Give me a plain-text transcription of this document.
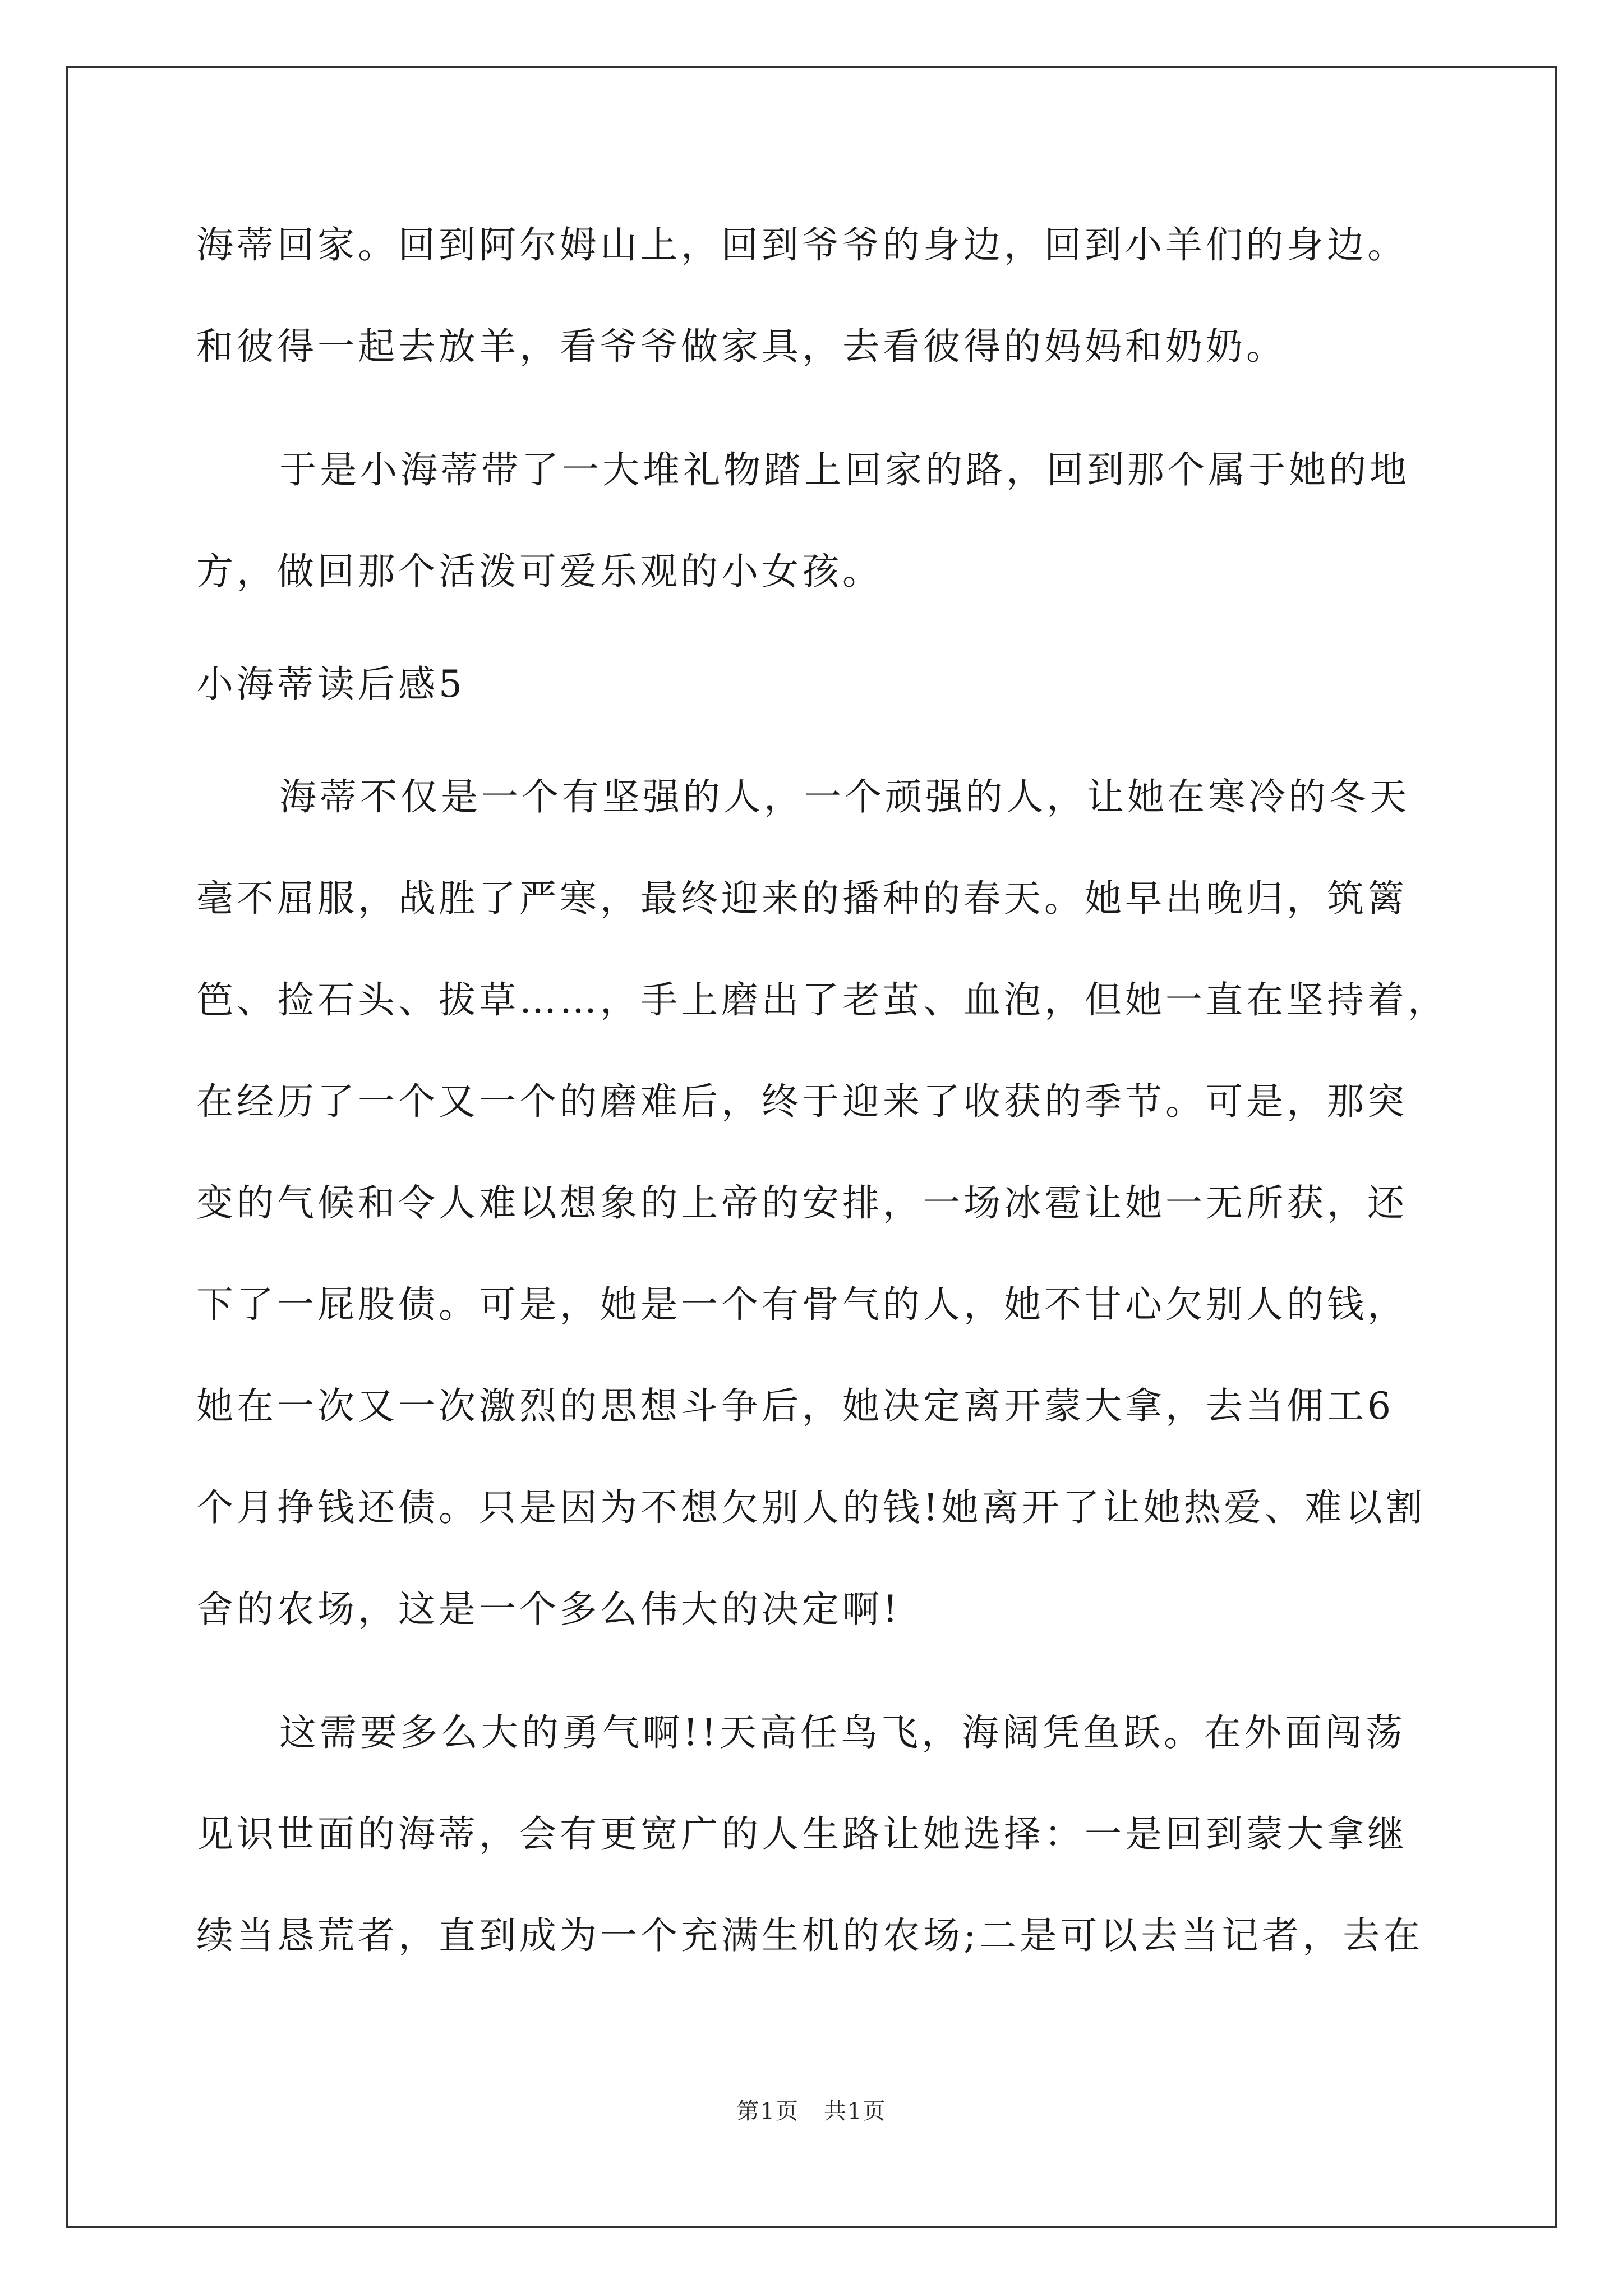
海蒂回家。回到阿尔姆山上，回到爷爷的身边，回到小羊们的身边。
和彼得一起去放羊，看爷爷做家具，去看彼得的妈妈和奶奶。
于是小海蒂带了一大堆礼物踏上回家的路，回到那个属于她的地
方，做回那个活泼可爱乐观的小女孩。
小海蒂读后感5
海蒂不仅是一个有坚强的人，一个顽强的人，让她在寒冷的冬天
毫不屈服，战胜了严寒，最终迎来的播种的春天。她早出晚归，筑篱
笆、捡石头、拔草……，手上磨出了老茧、血泡，但她一直在坚持着，
在经历了一个又一个的磨难后，终于迎来了收获的季节。可是，那突
变的气候和令人难以想象的上帝的安排，一场冰雹让她一无所获，还
下了一屁股债。可是，她是一个有骨气的人，她不甘心欠别人的钱，
她在一次又一次激烈的思想斗争后，她决定离开蒙大拿，去当佣工6
个月挣钱还债。只是因为不想欠别人的钱!她离开了让她热爱、难以割
舍的农场，这是一个多么伟大的决定啊!
这需要多么大的勇气啊!!天高任鸟飞，海阔凭鱼跃。在外面闯荡
见识世面的海蒂，会有更宽广的人生路让她选择：一是回到蒙大拿继
续当恳荒者，直到成为一个充满生机的农场;二是可以去当记者，去在
第1页 共1页
